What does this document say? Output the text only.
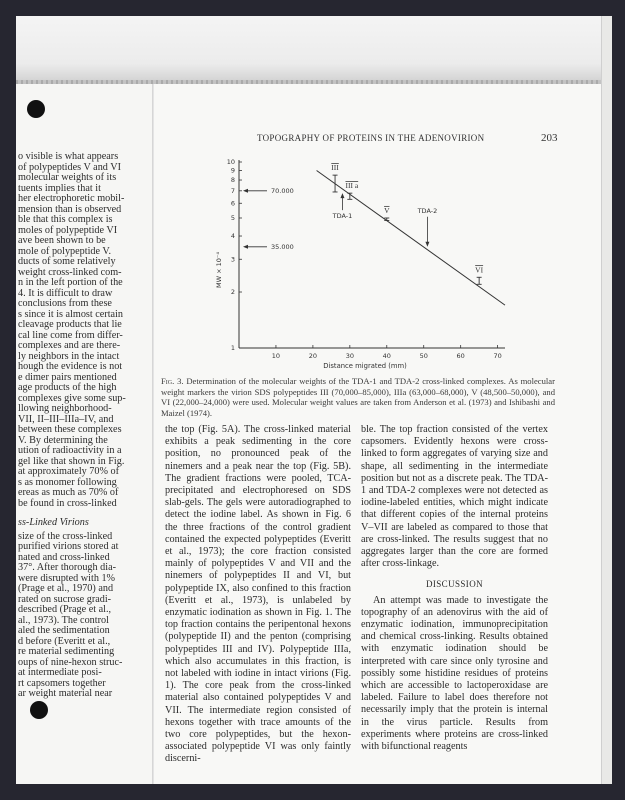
TOPOGRAPHY OF PROTEINS IN THE ADENOVIRION	203
o visible is what appears
of polypeptides V and VI
molecular weights of its
tuents implies that it
her electrophoretic mobil-
mension than is observed
ble that this complex is
moles of polypeptide VI
ave been shown to be
mole of polypeptide V.
ducts of some relatively
weight cross-linked com-
n in the left portion of the
4. It is difficult to draw
conclusions from these
s since it is almost certain
cleavage products that lie
cal line come from differ-
complexes and are there-
ly neighbors in the intact
hough the evidence is not
e dimer pairs mentioned
age products of the high
complexes give some sup-
llowing neighborhood-
VII, II–III–IIIa–IV, and
between these complexes
V. By determining the
ution of radioactivity in a
gel like that shown in Fig.
at approximately 70% of
s as monomer following
ereas as much as 70% of
be found in cross-linked
ss-Linked Virions
size of the cross-linked
purified virions stored at
nated and cross-linked
37°. After thorough dia-
were disrupted with 1%
(Prage et al., 1970) and
rated on sucrose gradi-
described (Prage et al.,
al., 1973). The control
aled the sedimentation
d before (Everitt et al.,
re material sedimenting
oups of nine-hexon struc-
at intermediate posi-
rt capsomers together
ar weight material near
1
2
3
4
5
6
7
8
9
10
10	20	30	40	50	60	70
MW × 10⁻⁴
Distance migrated (mm)
70.000
35.000
III
III a
V
VI
TDA-1
TDA-2
Fig. 3. Determination of the molecular weights of the TDA-1 and TDA-2 cross-linked complexes. As molecular weight markers the virion SDS polypeptides III (70,000–85,000), IIIa (63,000–68,000), V (48,500–50,000), and VI (22,000–24,000) were used. Molecular weight values are taken from Anderson et al. (1973) and Ishibashi and Maizel (1974).

the top (Fig. 5A). The cross-linked material exhibits a peak sedimenting in the core position, no pronounced peak of the ninemers and a peak near the top (Fig. 5B). The gradient fractions were pooled, TCA-precipitated and electrophoresed on SDS slab-gels. The gels were autoradiographed to detect the iodine label. As shown in Fig. 6 the three fractions of the control gradient contained the expected polypeptides (Everitt et al., 1973); the core fraction consisted mainly of polypeptides V and VII and the ninemers of polypeptides II and VI, but polypeptide IX, also confined to this fraction (Everitt et al., 1973), is unlabeled by enzymatic iodination as shown in Fig. 1. The top fraction contains the peripentonal hexons (polypeptide II) and the penton (comprising polypeptides III and IV). Polypeptide IIIa, which also accumulates in this fraction, is not labeled with iodine in intact virions (Fig. 1). The core peak from the cross-linked material also contained polypeptides V and VII. The intermediate region consisted of hexons together with trace amounts of the two core polypeptides, but the hexon-associated polypeptide VI was only faintly discerni-

ble. The top fraction consisted of the vertex capsomers. Evidently hexons were cross-linked to form aggregates of varying size and shape, all sedimenting in the intermediate position but not as a discrete peak. The TDA-1 and TDA-2 complexes were not detected as iodine-labeled entities, which might indicate that different copies of the internal proteins V–VII are labeled as compared to those that are cross-linked. The results suggest that no aggregates larger than the core are formed after cross-linkage.

DISCUSSION

An attempt was made to investigate the topography of an adenovirus with the aid of enzymatic iodination, immunoprecipitation and chemical cross-linking. Results obtained with enzymatic iodination should be interpreted with care since only tyrosine and possibly some histidine residues of proteins which are accessible to lactoperoxidase are labeled. Failure to label does therefore not necessarily imply that the protein is internal in the virus particle. Results from experiments where proteins are cross-linked with bifunctional reagents
